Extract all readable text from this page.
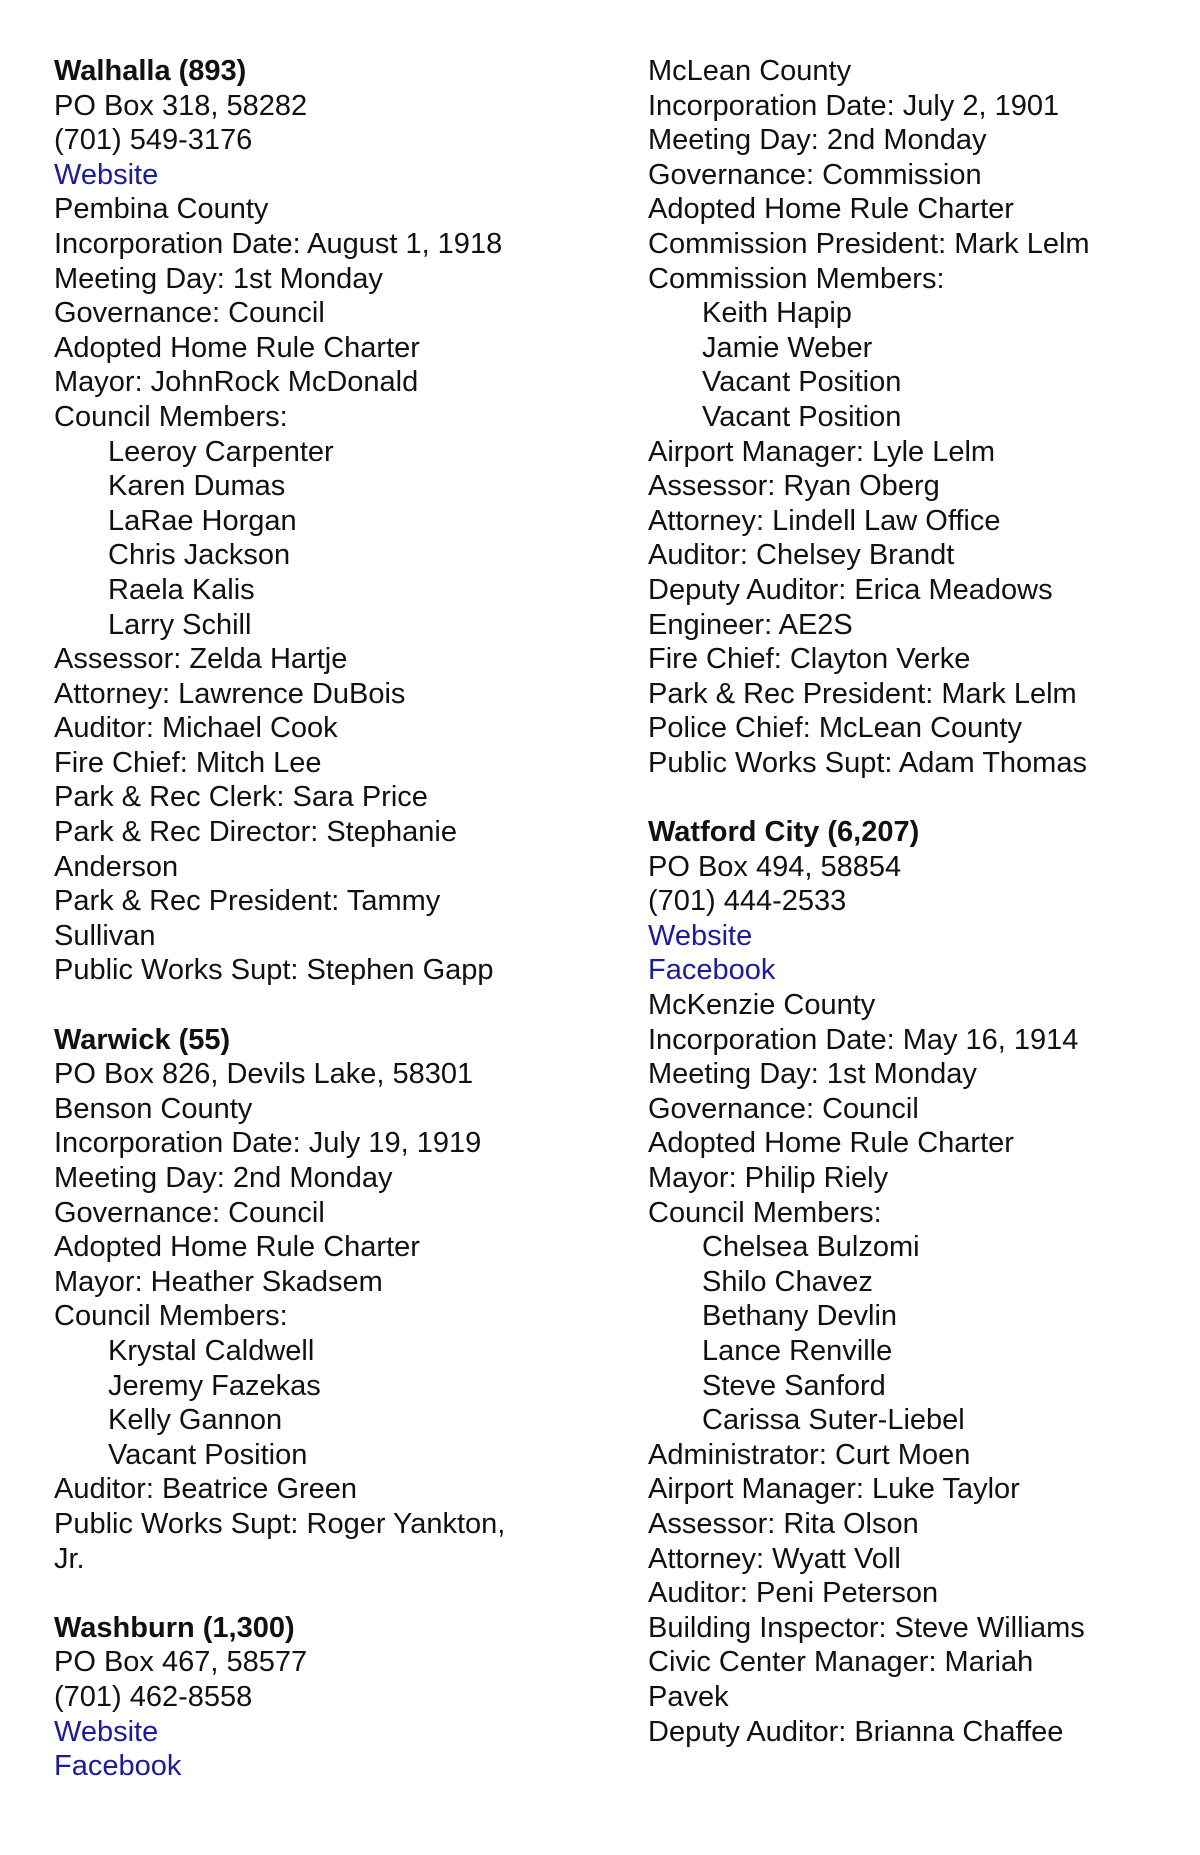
Walhalla (893)
PO Box 318, 58282
(701) 549-3176
Website
Pembina County
Incorporation Date: August 1, 1918
Meeting Day: 1st Monday
Governance: Council
Adopted Home Rule Charter
Mayor: JohnRock McDonald
Council Members:
Leeroy Carpenter
Karen Dumas
LaRae Horgan
Chris Jackson
Raela Kalis
Larry Schill
Assessor: Zelda Hartje
Attorney: Lawrence DuBois
Auditor: Michael Cook
Fire Chief: Mitch Lee
Park & Rec Clerk: Sara Price
Park & Rec Director: Stephanie
Anderson
Park & Rec President: Tammy
Sullivan
Public Works Supt: Stephen Gapp
Warwick (55)
PO Box 826, Devils Lake, 58301
Benson County
Incorporation Date: July 19, 1919
Meeting Day: 2nd Monday
Governance: Council
Adopted Home Rule Charter
Mayor: Heather Skadsem
Council Members:
Krystal Caldwell
Jeremy Fazekas
Kelly Gannon
Vacant Position
Auditor: Beatrice Green
Public Works Supt: Roger Yankton,
Jr.
Washburn (1,300)
PO Box 467, 58577
(701) 462-8558
Website
Facebook
McLean County
Incorporation Date: July 2, 1901
Meeting Day: 2nd Monday
Governance: Commission
Adopted Home Rule Charter
Commission President: Mark Lelm
Commission Members:
Keith Hapip
Jamie Weber
Vacant Position
Vacant Position
Airport Manager: Lyle Lelm
Assessor: Ryan Oberg
Attorney: Lindell Law Office
Auditor: Chelsey Brandt
Deputy Auditor: Erica Meadows
Engineer: AE2S
Fire Chief: Clayton Verke
Park & Rec President: Mark Lelm
Police Chief: McLean County
Public Works Supt: Adam Thomas
Watford City (6,207)
PO Box 494, 58854
(701) 444-2533
Website
Facebook
McKenzie County
Incorporation Date: May 16, 1914
Meeting Day: 1st Monday
Governance: Council
Adopted Home Rule Charter
Mayor: Philip Riely
Council Members:
Chelsea Bulzomi
Shilo Chavez
Bethany Devlin
Lance Renville
Steve Sanford
Carissa Suter-Liebel
Administrator: Curt Moen
Airport Manager: Luke Taylor
Assessor: Rita Olson
Attorney: Wyatt Voll
Auditor: Peni Peterson
Building Inspector: Steve Williams
Civic Center Manager: Mariah
Pavek
Deputy Auditor: Brianna Chaffee
